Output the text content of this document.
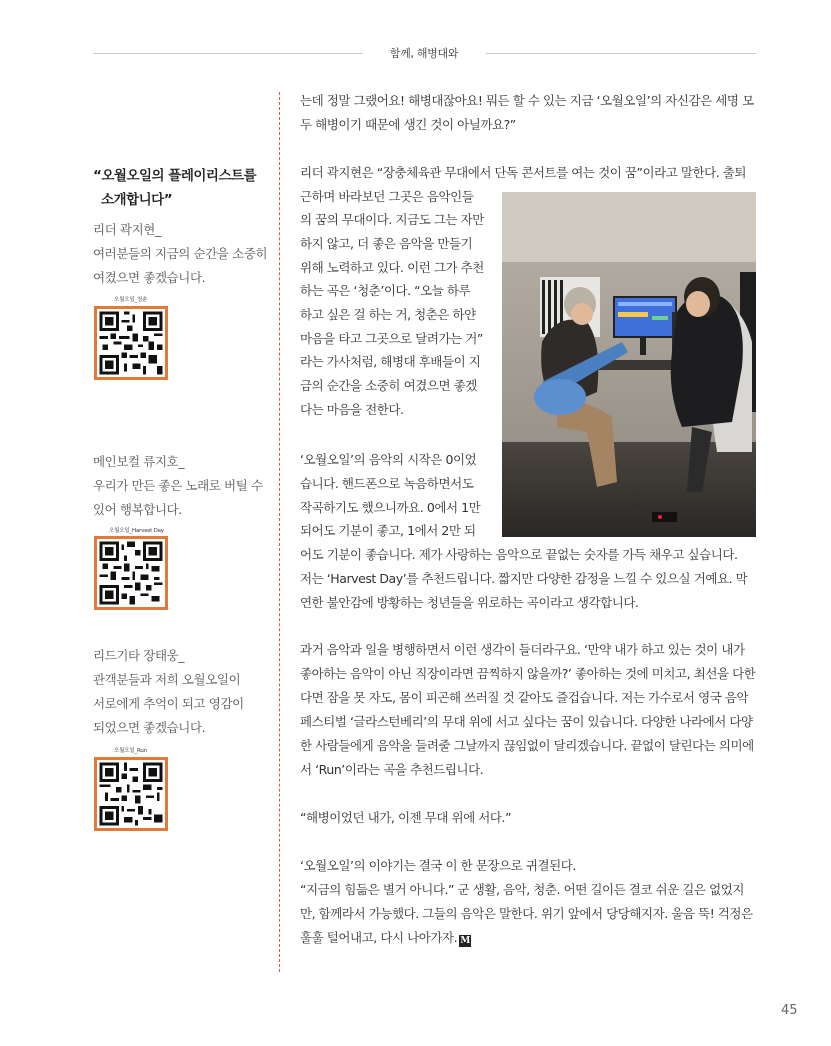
함께, 해병대와
“오월오일의 플레이리스트를
소개합니다”
리더 곽지현_
여러분들의 지금의 순간을 소중히
여겼으면 좋겠습니다.
오월오일_청춘
메인보컬 류지호_
우리가 만든 좋은 노래로 버틸 수
있어 행복합니다.
오월오일_Harvest Day
리드기타 장태웅_
관객분들과 저희 오월오일이
서로에게 추억이 되고 영감이
되었으면 좋겠습니다.
오월오일_Run
는데 정말 그랬어요! 해병대잖아요! 뭐든 할 수 있는 지금 ‘오월오일’의 자신감은 세명 모
두 해병이기 때문에 생긴 것이 아닐까요?”
리더 곽지현은 “장충체육관 무대에서 단독 콘서트를 여는 것이 꿈”이라고 말한다. 출퇴
근하며 바라보던 그곳은 음악인들
의 꿈의 무대이다. 지금도 그는 자만
하지 않고, 더 좋은 음악을 만들기
위해 노력하고 있다. 이런 그가 추천
하는 곡은 ‘청춘’이다. “오늘 하루
하고 싶은 걸 하는 거, 청춘은 하얀
마음을 타고 그곳으로 달려가는 거”
라는 가사처럼, 해병대 후배들이 지
금의 순간을 소중히 여겼으면 좋겠
다는 마음을 전한다.
‘오월오일’의 음악의 시작은 0이었
습니다. 핸드폰으로 녹음하면서도
작곡하기도 했으니까요. 0에서 1만
되어도 기분이 좋고, 1에서 2만 되
어도 기분이 좋습니다. 제가 사랑하는 음악으로 끝없는 숫자를 가득 채우고 싶습니다.
저는 ‘Harvest Day’를 추천드립니다. 짧지만 다양한 감정을 느낄 수 있으실 거예요. 막
연한 불안감에 방황하는 청년들을 위로하는 곡이라고 생각합니다.
과거 음악과 일을 병행하면서 이런 생각이 들더라구요. ‘만약 내가 하고 있는 것이 내가
좋아하는 음악이 아닌 직장이라면 끔찍하지 않을까?’ 좋아하는 것에 미치고, 최선을 다한
다면 잠을 못 자도, 몸이 피곤해 쓰러질 것 같아도 즐겁습니다. 저는 가수로서 영국 음악
페스티벌 ‘글라스턴베리’의 무대 위에 서고 싶다는 꿈이 있습니다. 다양한 나라에서 다양
한 사람들에게 음악을 들려줄 그날까지 끊임없이 달리겠습니다. 끝없이 달린다는 의미에
서 ‘Run’이라는 곡을 추천드립니다.
“해병이었던 내가, 이젠 무대 위에 서다.”
‘오월오일’의 이야기는 결국 이 한 문장으로 귀결된다.
“지금의 힘듦은 별거 아니다.” 군 생활, 음악, 청춘. 어떤 길이든 결코 쉬운 길은 없었지
만, 함께라서 가능했다. 그들의 음악은 말한다. 위기 앞에서 당당해지자. 울음 뚝! 걱정은
훌훌 털어내고, 다시 나아가자. M
45
